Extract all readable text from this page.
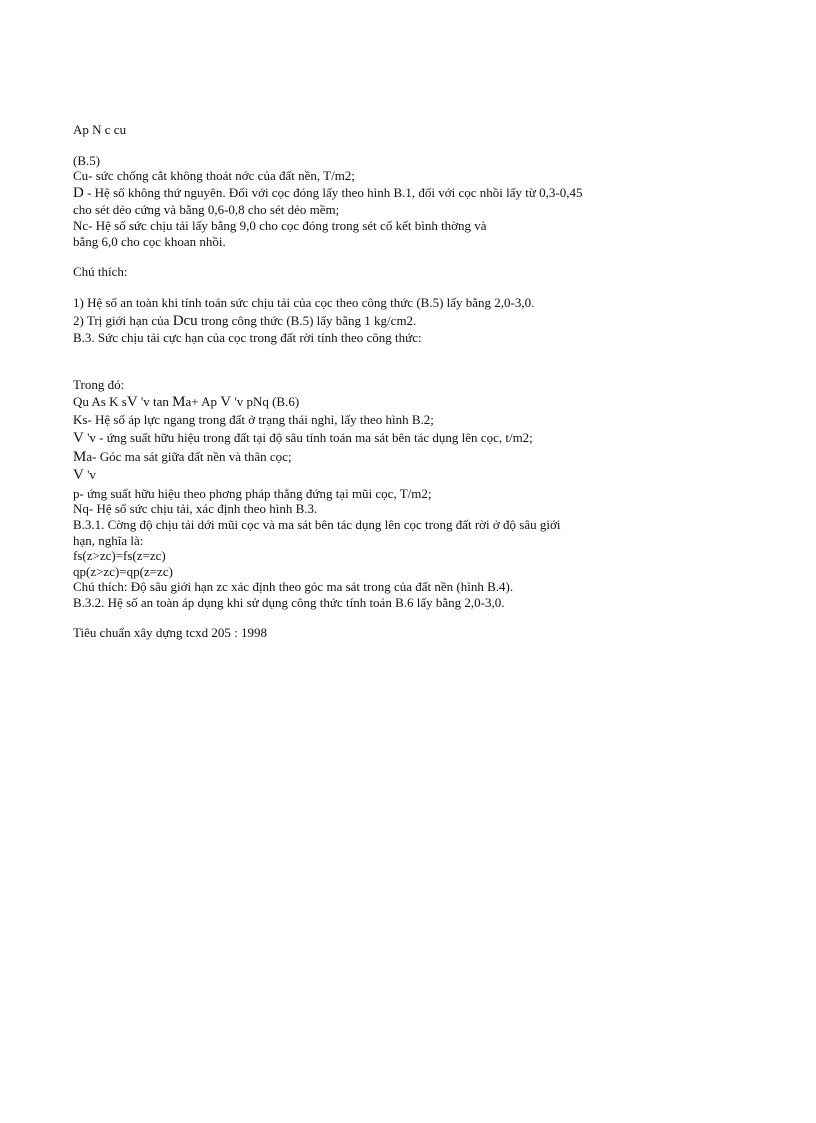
Ap N c cu
(B.5)
Cu- sức chống cắt không thoát nớc của đất nền, T/m2;
D - Hệ số không thứ nguyên. Đối với cọc đóng lấy theo hình B.1, đối với cọc nhồi lấy từ 0,3-0,45
cho sét dẻo cứng và bằng 0,6-0,8 cho sét dẻo mềm;
Nc- Hệ số sức chịu tải lấy bằng 9,0 cho cọc đóng trong sét cố kết bình thờng và
bằng 6,0 cho cọc khoan nhồi.
Chú thích:
1) Hệ số an toàn khi tính toán sức chịu tải của cọc theo công thức (B.5) lấy bằng 2,0-3,0.
2) Trị giới hạn của Dcu trong công thức (B.5) lấy bằng 1 kg/cm2.
B.3. Sức chịu tải cực hạn của cọc trong đất rời tính theo công thức:
Trong đó:
Qu As K sV 'v tan Ma+ Ap V 'v pNq (B.6)
Ks- Hệ số áp lực ngang trong đất ở trạng thái nghỉ, lấy theo hình B.2;
V 'v - ứng suất hữu hiệu trong đất tại độ sâu tính toán ma sát bên tác dụng lên cọc, t/m2;
Ma- Góc ma sát giữa đất nền và thân cọc;
V 'v
p- ứng suất hữu hiệu theo phơng pháp thẳng đứng tại mũi cọc, T/m2;
Nq- Hệ số sức chịu tải, xác định theo hình B.3.
B.3.1. Cờng độ chịu tải dới mũi cọc và ma sát bên tác dụng lên cọc trong đất rời ở độ sâu giới
hạn, nghĩa là:
fs(z>zc)=fs(z=zc)
qp(z>zc)=qp(z=zc)
Chú thích: Độ sâu giới hạn zc xác định theo góc ma sát trong của đất nền (hình B.4).
B.3.2. Hệ số an toàn áp dụng khi sử dụng công thức tính toán B.6 lấy bằng 2,0-3,0.
Tiêu chuẩn xây dựng tcxd 205 : 1998
